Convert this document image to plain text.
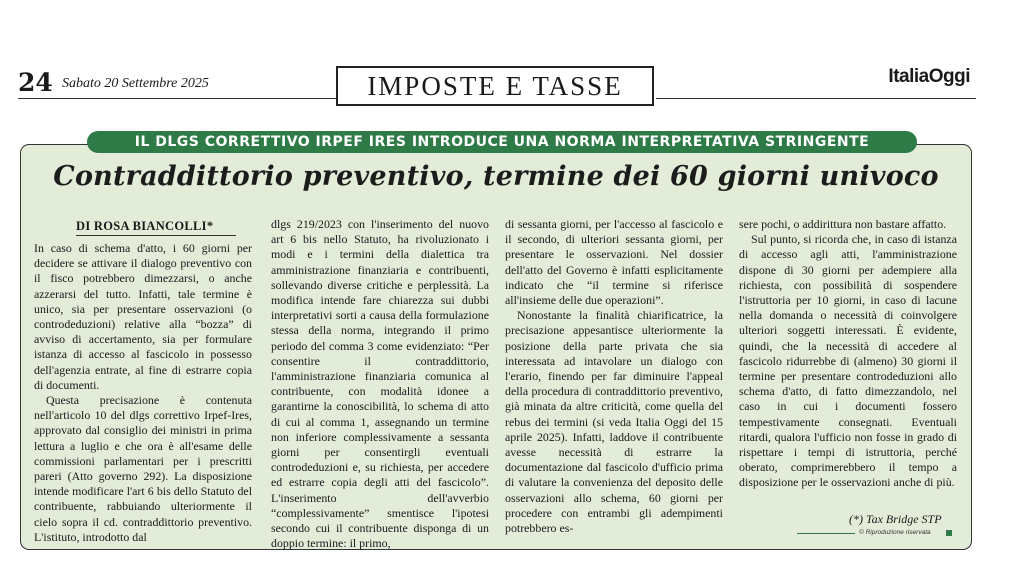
24 Sabato 20 Settembre 2025	IMPOSTE E TASSE	ItaliaOggi
IL DLGS CORRETTIVO IRPEF IRES INTRODUCE UNA NORMA INTERPRETATIVA STRINGENTE
Contraddittorio preventivo, termine dei 60 giorni univoco
DI ROSA BIANCOLLI*

In caso di schema d'atto, i 60 giorni per decidere se attivare il dialogo preventivo con il fisco potrebbero dimezzarsi, o anche azzerarsi del tutto. Infatti, tale termine è unico, sia per presentare osservazioni (o controdeduzioni) relative alla “bozza” di avviso di accertamento, sia per formulare istanza di accesso al fascicolo in possesso dell'agenzia entrate, al fine di estrarre copia di documenti.

Questa precisazione è contenuta nell'articolo 10 del dlgs correttivo Irpef-Ires, approvato dal consiglio dei ministri in prima lettura a luglio e che ora è all'esame delle commissioni parlamentari per i prescritti pareri (Atto governo 292). La disposizione intende modificare l'art 6 bis dello Statuto del contribuente, rabbuiando ulteriormente il cielo sopra il cd. contraddittorio preventivo. L'istituto, introdotto dal

dlgs 219/2023 con l'inserimento del nuovo art 6 bis nello Statuto, ha rivoluzionato i modi e i termini della dialettica tra amministrazione finanziaria e contribuenti, sollevando diverse critiche e perplessità. La modifica intende fare chiarezza sui dubbi interpretativi sorti a causa della formulazione stessa della norma, integrando il primo periodo del comma 3 come evidenziato: “Per consentire il contraddittorio, l'amministrazione finanziaria comunica al contribuente, con modalità idonee a garantirne la conoscibilità, lo schema di atto di cui al comma 1, assegnando un termine non inferiore complessivamente a sessanta giorni per consentirgli eventuali controdeduzioni e, su richiesta, per accedere ed estrarre copia degli atti del fascicolo”. L'inserimento dell'avverbio “complessivamente” smentisce l'ipotesi secondo cui il contribuente disponga di un doppio termine: il primo,

di sessanta giorni, per l'accesso al fascicolo e il secondo, di ulteriori sessanta giorni, per presentare le osservazioni. Nel dossier dell'atto del Governo è infatti esplicitamente indicato che “il termine si riferisce all'insieme delle due operazioni”.

Nonostante la finalità chiarificatrice, la precisazione appesantisce ulteriormente la posizione della parte privata che sia interessata ad intavolare un dialogo con l'erario, finendo per far diminuire l'appeal della procedura di contraddittorio preventivo, già minata da altre criticità, come quella del rebus dei termini (si veda Italia Oggi del 15 aprile 2025). Infatti, laddove il contribuente avesse necessità di estrarre la documentazione dal fascicolo d'ufficio prima di valutare la convenienza del deposito delle osservazioni allo schema, 60 giorni per procedere con entrambi gli adempimenti potrebbero es-

sere pochi, o addirittura non bastare affatto.

Sul punto, si ricorda che, in caso di istanza di accesso agli atti, l'amministrazione dispone di 30 giorni per adempiere alla richiesta, con possibilità di sospendere l'istruttoria per 10 giorni, in caso di lacune nella domanda o necessità di coinvolgere ulteriori soggetti interessati. È evidente, quindi, che la necessità di accedere al fascicolo ridurrebbe di (almeno) 30 giorni il termine per presentare controdeduzioni allo schema d'atto, di fatto dimezzandolo, nel caso in cui i documenti fossero tempestivamente consegnati. Eventuali ritardi, qualora l'ufficio non fosse in grado di rispettare i tempi di istruttoria, perché oberato, comprimerebbero il tempo a disposizione per le osservazioni anche di più.

(*) Tax Bridge STP
© Riproduzione riservata
